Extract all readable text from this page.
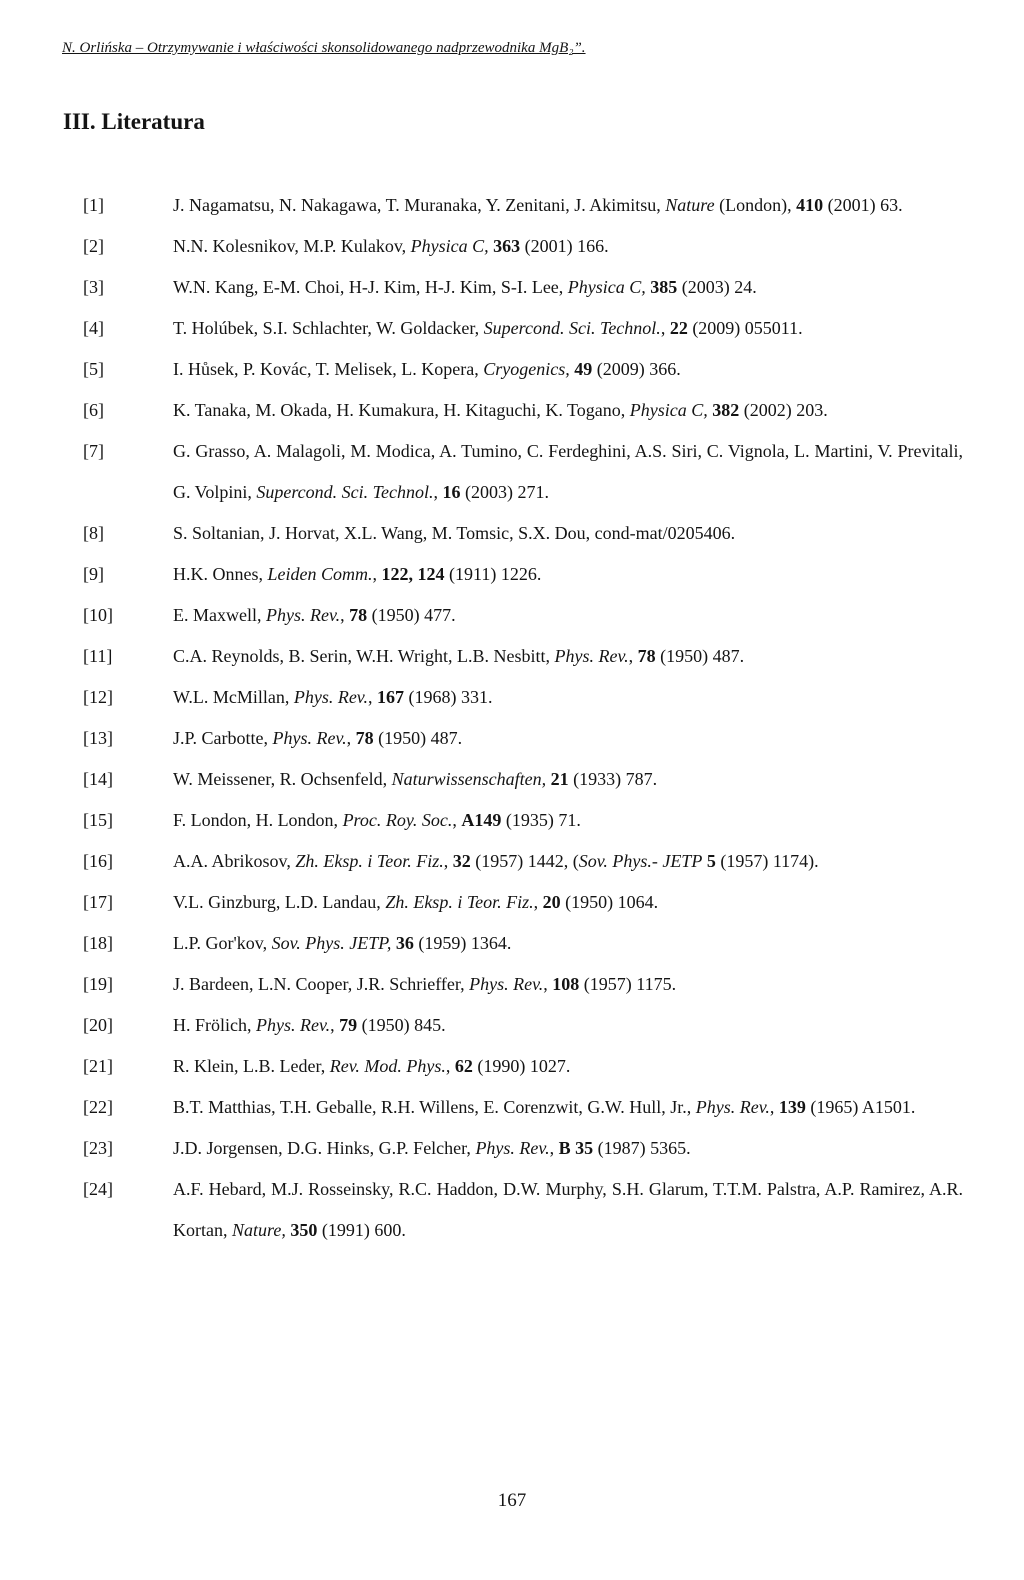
N. Orlińska – Otrzymywanie i właściwości skonsolidowanego nadprzewodnika MgB₂”.
III. Literatura
[1]	J. Nagamatsu, N. Nakagawa, T. Muranaka, Y. Zenitani, J. Akimitsu, Nature (London), 410 (2001) 63.
[2]	N.N. Kolesnikov, M.P. Kulakov, Physica C, 363 (2001) 166.
[3]	W.N. Kang, E-M. Choi, H-J. Kim, H-J. Kim, S-I. Lee, Physica C, 385 (2003) 24.
[4]	T. Holúbek, S.I. Schlachter, W. Goldacker, Supercond. Sci. Technol., 22 (2009) 055011.
[5]	I. Hůsek, P. Kovác, T. Melisek, L. Kopera, Cryogenics, 49 (2009) 366.
[6]	K. Tanaka, M. Okada, H. Kumakura, H. Kitaguchi, K. Togano, Physica C, 382 (2002) 203.
[7]	G. Grasso, A. Malagoli, M. Modica, A. Tumino, C. Ferdeghini, A.S. Siri, C. Vignola, L. Martini, V. Previtali, G. Volpini, Supercond. Sci. Technol., 16 (2003) 271.
[8]	S. Soltanian, J. Horvat, X.L. Wang, M. Tomsic, S.X. Dou, cond-mat/0205406.
[9]	H.K. Onnes, Leiden Comm., 122, 124 (1911) 1226.
[10]	E. Maxwell, Phys. Rev., 78 (1950) 477.
[11]	C.A. Reynolds, B. Serin, W.H. Wright, L.B. Nesbitt, Phys. Rev., 78 (1950) 487.
[12]	W.L. McMillan, Phys. Rev., 167 (1968) 331.
[13]	J.P. Carbotte, Phys. Rev., 78 (1950) 487.
[14]	W. Meissener, R. Ochsenfeld, Naturwissenschaften, 21 (1933) 787.
[15]	F. London, H. London, Proc. Roy. Soc., A149 (1935) 71.
[16]	A.A. Abrikosov, Zh. Eksp. i Teor. Fiz., 32 (1957) 1442, (Sov. Phys.- JETP 5 (1957) 1174).
[17]	V.L. Ginzburg, L.D. Landau, Zh. Eksp. i Teor. Fiz., 20 (1950) 1064.
[18]	L.P. Gor'kov, Sov. Phys. JETP, 36 (1959) 1364.
[19]	J. Bardeen, L.N. Cooper, J.R. Schrieffer, Phys. Rev., 108 (1957) 1175.
[20]	H. Frölich, Phys. Rev., 79 (1950) 845.
[21]	R. Klein, L.B. Leder, Rev. Mod. Phys., 62 (1990) 1027.
[22]	B.T. Matthias, T.H. Geballe, R.H. Willens, E. Corenzwit, G.W. Hull, Jr., Phys. Rev., 139 (1965) A1501.
[23]	J.D. Jorgensen, D.G. Hinks, G.P. Felcher, Phys. Rev., B 35 (1987) 5365.
[24]	A.F. Hebard, M.J. Rosseinsky, R.C. Haddon, D.W. Murphy, S.H. Glarum, T.T.M. Palstra, A.P. Ramirez, A.R. Kortan, Nature, 350 (1991) 600.
167
